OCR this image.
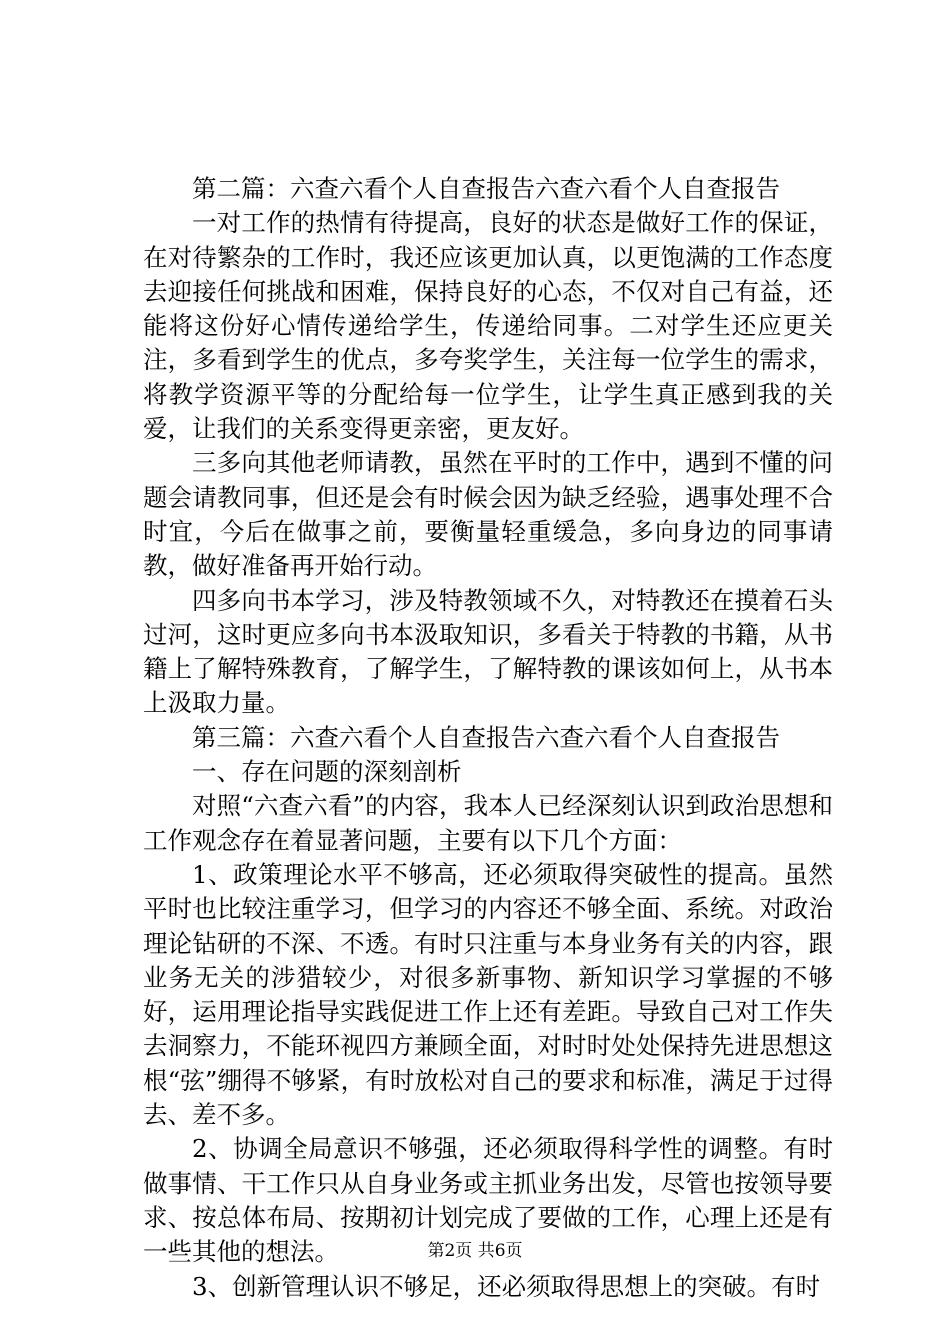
第二篇：六查六看个人自查报告六查六看个人自查报告

一对工作的热情有待提高，良好的状态是做好工作的保证，在对待繁杂的工作时，我还应该更加认真，以更饱满的工作态度去迎接任何挑战和困难，保持良好的心态，不仅对自己有益，还能将这份好心情传递给学生，传递给同事。二对学生还应更关注，多看到学生的优点，多夸奖学生，关注每一位学生的需求，将教学资源平等的分配给每一位学生，让学生真正感到我的关爱，让我们的关系变得更亲密，更友好。

三多向其他老师请教，虽然在平时的工作中，遇到不懂的问题会请教同事，但还是会有时候会因为缺乏经验，遇事处理不合时宜，今后在做事之前，要衡量轻重缓急，多向身边的同事请教，做好准备再开始行动。

四多向书本学习，涉及特教领域不久，对特教还在摸着石头过河，这时更应多向书本汲取知识，多看关于特教的书籍，从书籍上了解特殊教育，了解学生，了解特教的课该如何上，从书本上汲取力量。

第三篇：六查六看个人自查报告六查六看个人自查报告

一、存在问题的深刻剖析

对照“六查六看”的内容，我本人已经深刻认识到政治思想和工作观念存在着显著问题，主要有以下几个方面：

1、政策理论水平不够高，还必须取得突破性的提高。虽然平时也比较注重学习，但学习的内容还不够全面、系统。对政治理论钻研的不深、不透。有时只注重与本身业务有关的内容，跟业务无关的涉猎较少，对很多新事物、新知识学习掌握的不够好，运用理论指导实践促进工作上还有差距。导致自己对工作失去洞察力，不能环视四方兼顾全面，对时时处处保持先进思想这根“弦”绷得不够紧，有时放松对自己的要求和标准，满足于过得去、差不多。

2、协调全局意识不够强，还必须取得科学性的调整。有时做事情、干工作只从自身业务或主抓业务出发，尽管也按领导要求、按总体布局、按期初计划完成了要做的工作，心理上还是有一些其他的想法。

3、创新管理认识不够足，还必须取得思想上的突破。有时

第2页 共6页
